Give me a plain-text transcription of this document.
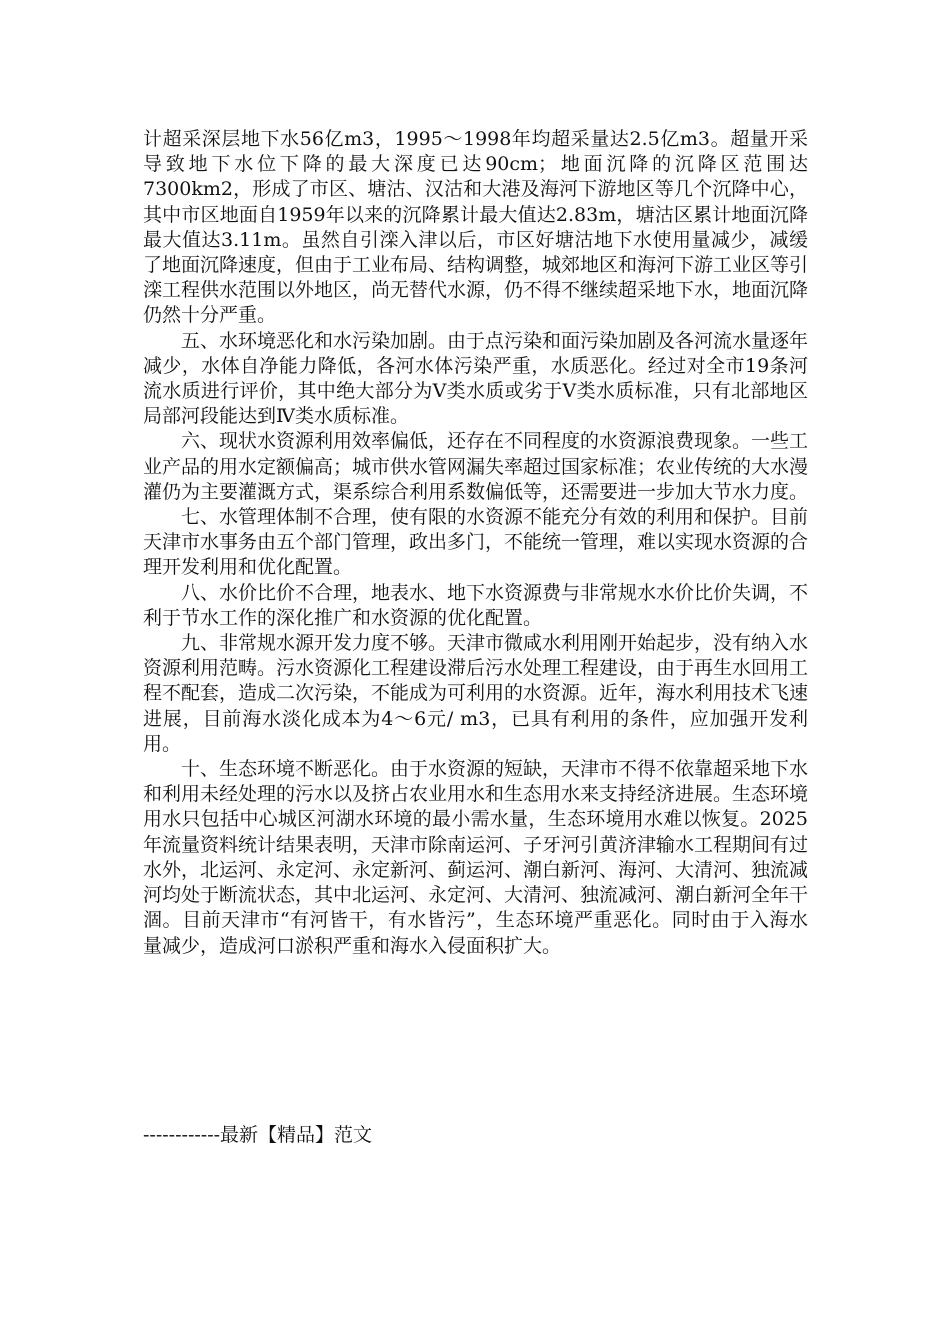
计超采深层地下水56亿m3，1995～1998年均超采量达2.5亿m3。超量开采导致地下水位下降的最大深度已达90cm；地面沉降的沉降区范围达7300km2，形成了市区、塘沽、汉沽和大港及海河下游地区等几个沉降中心，其中市区地面自1959年以来的沉降累计最大值达2.83m，塘沽区累计地面沉降最大值达3.11m。虽然自引滦入津以后，市区好塘沽地下水使用量减少，减缓了地面沉降速度，但由于工业布局、结构调整，城郊地区和海河下游工业区等引滦工程供水范围以外地区，尚无替代水源，仍不得不继续超采地下水，地面沉降仍然十分严重。

五、水环境恶化和水污染加剧。由于点污染和面污染加剧及各河流水量逐年减少，水体自净能力降低，各河水体污染严重，水质恶化。经过对全市19条河流水质进行评价，其中绝大部分为Ⅴ类水质或劣于Ⅴ类水质标准，只有北部地区局部河段能达到Ⅳ类水质标准。

六、现状水资源利用效率偏低，还存在不同程度的水资源浪费现象。一些工业产品的用水定额偏高；城市供水管网漏失率超过国家标准；农业传统的大水漫灌仍为主要灌溉方式，渠系综合利用系数偏低等，还需要进一步加大节水力度。

七、水管理体制不合理，使有限的水资源不能充分有效的利用和保护。目前天津市水事务由五个部门管理，政出多门，不能统一管理，难以实现水资源的合理开发利用和优化配置。

八、水价比价不合理，地表水、地下水资源费与非常规水水价比价失调，不利于节水工作的深化推广和水资源的优化配置。

九、非常规水源开发力度不够。天津市微咸水利用刚开始起步，没有纳入水资源利用范畴。污水资源化工程建设滞后污水处理工程建设，由于再生水回用工程不配套，造成二次污染，不能成为可利用的水资源。近年，海水利用技术飞速进展，目前海水淡化成本为4～6元/ m3，已具有利用的条件，应加强开发利用。

十、生态环境不断恶化。由于水资源的短缺，天津市不得不依靠超采地下水和利用未经处理的污水以及挤占农业用水和生态用水来支持经济进展。生态环境用水只包括中心城区河湖水环境的最小需水量，生态环境用水难以恢复。2025年流量资料统计结果表明，天津市除南运河、子牙河引黄济津输水工程期间有过水外，北运河、永定河、永定新河、蓟运河、潮白新河、海河、大清河、独流减河均处于断流状态，其中北运河、永定河、大清河、独流减河、潮白新河全年干涸。目前天津市“有河皆干，有水皆污”，生态环境严重恶化。同时由于入海水量减少，造成河口淤积严重和海水入侵面积扩大。

------------最新【精品】范文
